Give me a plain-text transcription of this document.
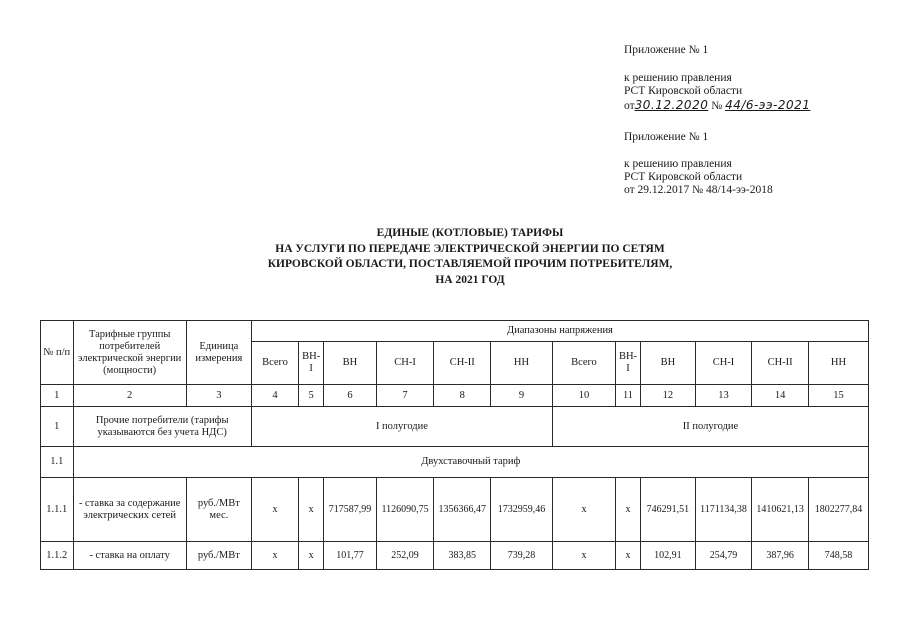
Приложение № 1
к решению правления
РСТ Кировской области
от30.12.2020 № 44/6-ээ-2021
Приложение № 1
к решению правления
РСТ Кировской области
от 29.12.2017 № 48/14-ээ-2018
ЕДИНЫЕ (КОТЛОВЫЕ) ТАРИФЫ
НА УСЛУГИ ПО ПЕРЕДАЧЕ ЭЛЕКТРИЧЕСКОЙ ЭНЕРГИИ ПО СЕТЯМ
КИРОВСКОЙ ОБЛАСТИ, ПОСТАВЛЯЕМОЙ ПРОЧИМ ПОТРЕБИТЕЛЯМ,
НА 2021 ГОД
№ п/п	Тарифные группы потребителей электрической энергии (мощности)	Единица измерения	Диапазоны напряжения											
			Всего	ВН-I	ВН	СН-I	СН-II	НН	Всего	ВН-I	ВН	СН-I	СН-II	НН
1	2	3	4	5	6	7	8	9	10	11	12	13	14	15
1	Прочие потребители (тарифы указываются без учета НДС)		I полугодие						II полугодие					
1.1	Двухставочный тариф													
1.1.1	- ставка за содержание электрических сетей	руб./МВт мес.	х	х	717587,99	1126090,75	1356366,47	1732959,46	х	х	746291,51	1171134,38	1410621,13	1802277,84
1.1.2	- ставка на оплату	руб./МВт	х	х	101,77	252,09	383,85	739,28	х	х	102,91	254,79	387,96	748,58
